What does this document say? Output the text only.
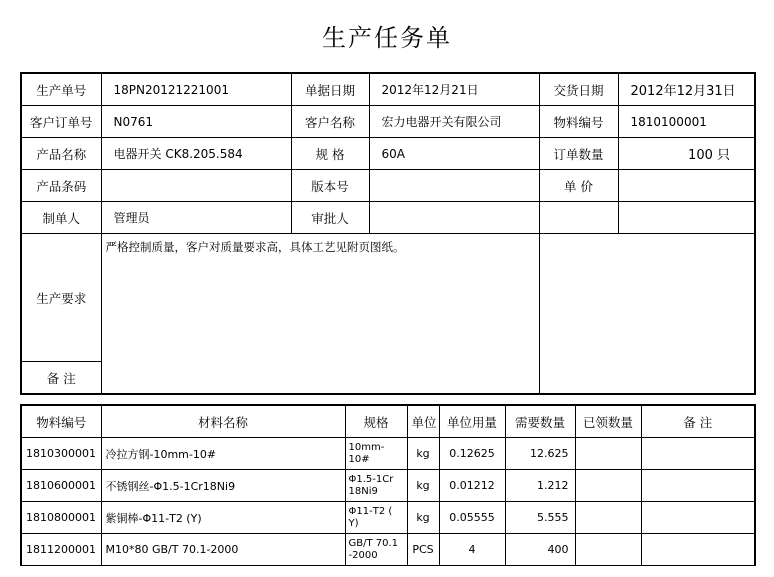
生产任务单
生产单号	18PN20121221001	单据日期	2012年12月21日	交货日期	2012年12月31日
客户订单号	N0761	客户名称	宏力电器开关有限公司	物料编号	1810100001
产品名称	电器开关 CK8.205.584	规 格	60A	订单数量	100 只
产品条码		版本号		单 价	
制单人	管理员	审批人			
生产要求	严格控制质量，客户对质量要求高，具体工艺见附页图纸。				
备 注					
物料编号	材料名称	规格	单位	单位用量	需要数量	已领数量	备 注
1810300001	冷拉方钢-10mm-10#	10mm-10#	kg	0.12625	12.625		
1810600001	不锈钢丝-Φ1.5-1Cr18Ni9	Φ1.5-1Cr 18Ni9	kg	0.01212	1.212		
1810800001	紫铜棒-Φ11-T2 (Y)	Φ11-T2 ( Y)	kg	0.05555	5.555		
1811200001	M10*80 GB/T 70.1-2000	GB/T 70.1 -2000	PCS	4	400		
